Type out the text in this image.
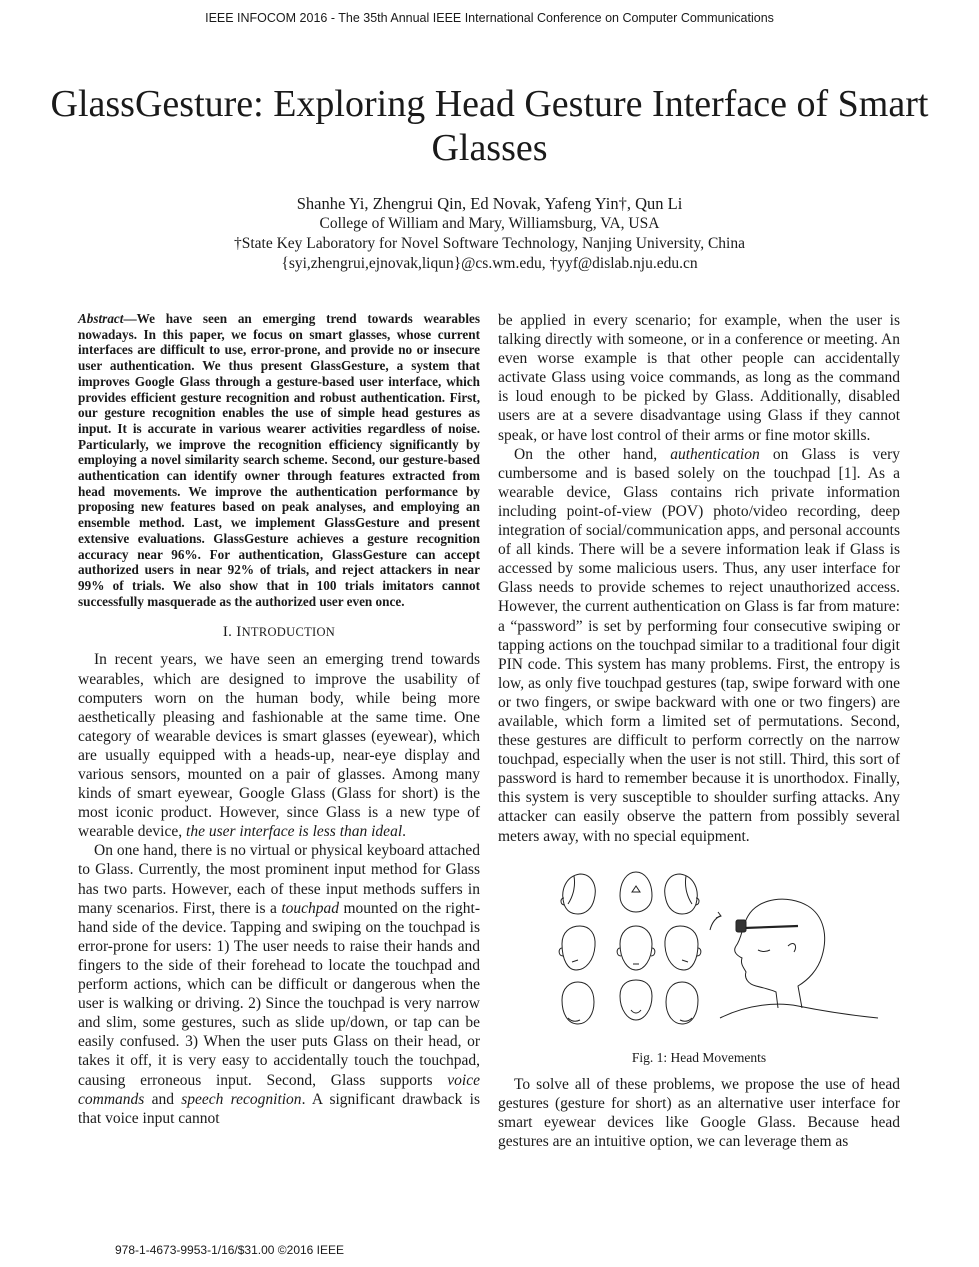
IEEE INFOCOM 2016 - The 35th Annual IEEE International Conference on Computer Communications
GlassGesture: Exploring Head Gesture Interface of Smart Glasses
Shanhe Yi, Zhengrui Qin, Ed Novak, Yafeng Yin†, Qun Li
College of William and Mary, Williamsburg, VA, USA
†State Key Laboratory for Novel Software Technology, Nanjing University, China
{syi,zhengrui,ejnovak,liqun}@cs.wm.edu, †yyf@dislab.nju.edu.cn

Abstract—We have seen an emerging trend towards wearables nowadays. In this paper, we focus on smart glasses, whose current interfaces are difficult to use, error-prone, and provide no or insecure user authentication. We thus present GlassGesture, a system that improves Google Glass through a gesture-based user interface, which provides efficient gesture recognition and robust authentication. First, our gesture recognition enables the use of simple head gestures as input. It is accurate in various wearer activities regardless of noise. Particularly, we improve the recognition efficiency significantly by employing a novel similarity search scheme. Second, our gesture-based authentication can identify owner through features extracted from head movements. We improve the authentication performance by proposing new features based on peak analyses, and employing an ensemble method. Last, we implement GlassGesture and present extensive evaluations. GlassGesture achieves a gesture recognition accuracy near 96%. For authentication, GlassGesture can accept authorized users in near 92% of trials, and reject attackers in near 99% of trials. We also show that in 100 trials imitators cannot successfully masquerade as the authorized user even once.

I. INTRODUCTION

In recent years, we have seen an emerging trend towards wearables, which are designed to improve the usability of computers worn on the human body, while being more aesthetically pleasing and fashionable at the same time. One category of wearable devices is smart glasses (eyewear), which are usually equipped with a heads-up, near-eye display and various sensors, mounted on a pair of glasses. Among many kinds of smart eyewear, Google Glass (Glass for short) is the most iconic product. However, since Glass is a new type of wearable device, the user interface is less than ideal.

On one hand, there is no virtual or physical keyboard attached to Glass. Currently, the most prominent input method for Glass has two parts. However, each of these input methods suffers in many scenarios. First, there is a touchpad mounted on the right-hand side of the device. Tapping and swiping on the touchpad is error-prone for users: 1) The user needs to raise their hands and fingers to the side of their forehead to locate the touchpad and perform actions, which can be difficult or dangerous when the user is walking or driving. 2) Since the touchpad is very narrow and slim, some gestures, such as slide up/down, or tap can be easily confused. 3) When the user puts Glass on their head, or takes it off, it is very easy to accidentally touch the touchpad, causing erroneous input. Second, Glass supports voice commands and speech recognition. A significant drawback is that voice input cannot

be applied in every scenario; for example, when the user is talking directly with someone, or in a conference or meeting. An even worse example is that other people can accidentally activate Glass using voice commands, as long as the command is loud enough to be picked by Glass. Additionally, disabled users are at a severe disadvantage using Glass if they cannot speak, or have lost control of their arms or fine motor skills.

On the other hand, authentication on Glass is very cumbersome and is based solely on the touchpad [1]. As a wearable device, Glass contains rich private information including point-of-view (POV) photo/video recording, deep integration of social/communication apps, and personal accounts of all kinds. There will be a severe information leak if Glass is accessed by some malicious users. Thus, any user interface for Glass needs to provide schemes to reject unauthorized access. However, the current authentication on Glass is far from mature: a “password” is set by performing four consecutive swiping or tapping actions on the touchpad similar to a traditional four digit PIN code. This system has many problems. First, the entropy is low, as only five touchpad gestures (tap, swipe forward with one or two fingers, or swipe backward with one or two fingers) are available, which form a limited set of permutations. Second, these gestures are difficult to perform correctly on the narrow touchpad, especially when the user is not still. Third, this sort of password is hard to remember because it is unorthodox. Finally, this system is very susceptible to shoulder surfing attacks. Any attacker can easily observe the pattern from possibly several meters away, with no special equipment.

Fig. 1: Head Movements

To solve all of these problems, we propose the use of head gestures (gesture for short) as an alternative user interface for smart eyewear devices like Google Glass. Because head gestures are an intuitive option, we can leverage them as

978-1-4673-9953-1/16/$31.00 ©2016 IEEE
